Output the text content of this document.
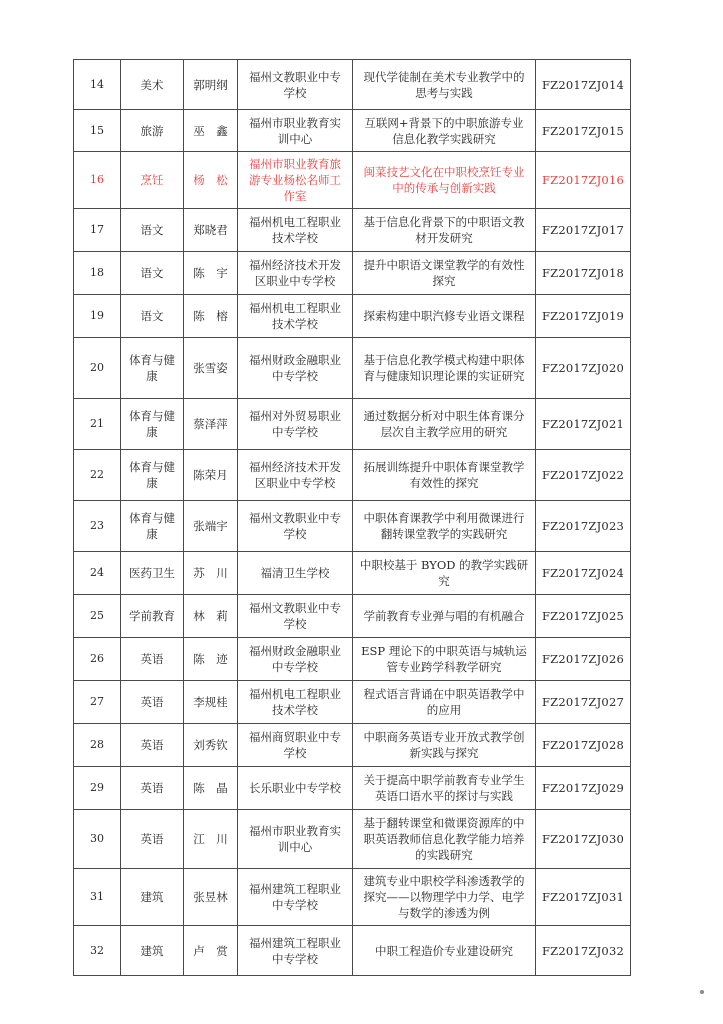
14	美术	郭明纲	福州文教职业中专学校	现代学徒制在美术专业教学中的思考与实践	FZ2017ZJ014
15	旅游	巫　鑫	福州市职业教育实训中心	互联网+背景下的中职旅游专业信息化教学实践研究	FZ2017ZJ015
16	烹饪	杨　松	福州市职业教育旅游专业杨松名师工作室	闽菜技艺文化在中职校烹饪专业中的传承与创新实践	FZ2017ZJ016
17	语文	郑晓君	福州机电工程职业技术学校	基于信息化背景下的中职语文教材开发研究	FZ2017ZJ017
18	语文	陈　宇	福州经济技术开发区职业中专学校	提升中职语文课堂教学的有效性探究	FZ2017ZJ018
19	语文	陈　榕	福州机电工程职业技术学校	探索构建中职汽修专业语文课程	FZ2017ZJ019
20	体育与健康	张雪姿	福州财政金融职业中专学校	基于信息化教学模式构建中职体育与健康知识理论课的实证研究	FZ2017ZJ020
21	体育与健康	蔡泽萍	福州对外贸易职业中专学校	通过数据分析对中职生体育课分层次自主教学应用的研究	FZ2017ZJ021
22	体育与健康	陈荣月	福州经济技术开发区职业中专学校	拓展训练提升中职体育课堂教学有效性的探究	FZ2017ZJ022
23	体育与健康	张端宇	福州文教职业中专学校	中职体育课教学中利用微课进行翻转课堂教学的实践研究	FZ2017ZJ023
24	医药卫生	苏　川	福清卫生学校	中职校基于 BYOD 的教学实践研究	FZ2017ZJ024
25	学前教育	林　莉	福州文教职业中专学校	学前教育专业弹与唱的有机融合	FZ2017ZJ025
26	英语	陈　迹	福州财政金融职业中专学校	ESP 理论下的中职英语与城轨运管专业跨学科教学研究	FZ2017ZJ026
27	英语	李规桂	福州机电工程职业技术学校	程式语言背诵在中职英语教学中的应用	FZ2017ZJ027
28	英语	刘秀钦	福州商贸职业中专学校	中职商务英语专业开放式教学创新实践与探究	FZ2017ZJ028
29	英语	陈　晶	长乐职业中专学校	关于提高中职学前教育专业学生英语口语水平的探讨与实践	FZ2017ZJ029
30	英语	江　川	福州市职业教育实训中心	基于翻转课堂和微课资源库的中职英语教师信息化教学能力培养的实践研究	FZ2017ZJ030
31	建筑	张昱林	福州建筑工程职业中专学校	建筑专业中职校学科渗透教学的探究——以物理学中力学、电学与数学的渗透为例	FZ2017ZJ031
32	建筑	卢　赏	福州建筑工程职业中专学校	中职工程造价专业建设研究	FZ2017ZJ032
